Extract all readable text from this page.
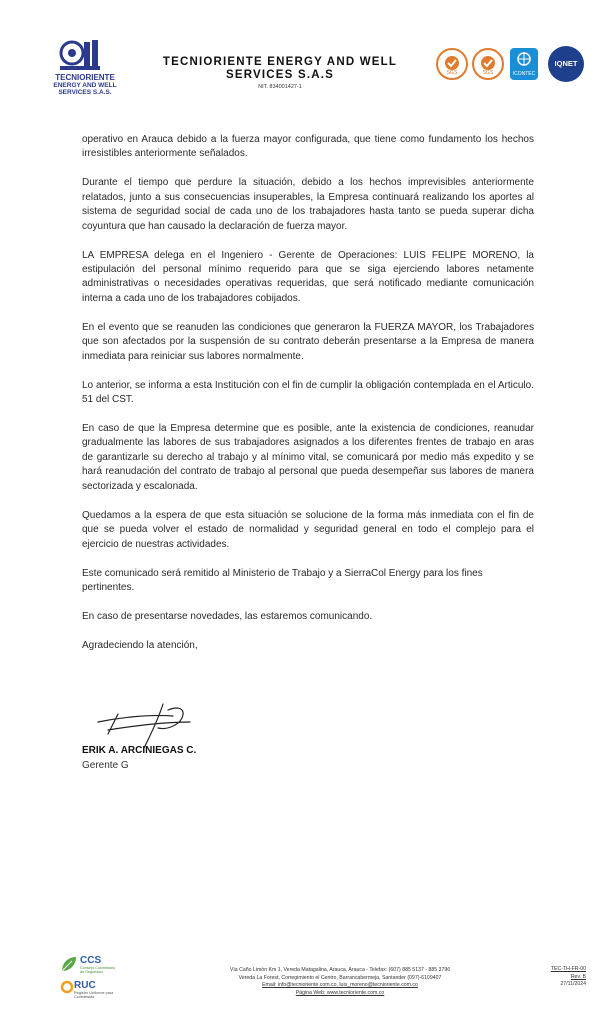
TECNIORIENTE
ENERGY AND WELL
SERVICES S.A.S.
TECNIORIENTE ENERGY AND WELL
SERVICES S.A.S
NIT. 834001427-1
SGS	SGS	ICONTEC
IQNET

operativo en Arauca debido a la fuerza mayor configurada, que tiene como fundamento los hechos irresistibles anteriormente señalados.

Durante el tiempo que perdure la situación, debido a los hechos imprevisibles anteriormente relatados, junto a sus consecuencias insuperables, la Empresa continuará realizando los aportes al sistema de seguridad social de cada uno de los trabajadores hasta tanto se pueda superar dicha coyuntura que han causado la declaración de fuerza mayor.

LA EMPRESA delega en el Ingeniero - Gerente de Operaciones: LUIS FELIPE MORENO, la estipulación del personal mínimo requerido para que se siga ejerciendo labores netamente administrativas o necesidades operativas requeridas, que será notificado mediante comunicación interna a cada uno de los trabajadores cobijados.

En el evento que se reanuden las condiciones que generaron la FUERZA MAYOR, los Trabajadores que son afectados por la suspensión de su contrato deberán presentarse a la Empresa de manera inmediata para reiniciar sus labores normalmente.

Lo anterior, se informa a esta Institución con el fin de cumplir la obligación contemplada en el Articulo. 51 del CST.

En caso de que la Empresa determine que es posible, ante la existencia de condiciones, reanudar gradualmente las labores de sus trabajadores asignados a los diferentes frentes de trabajo en aras de garantizarle su derecho al trabajo y al mínimo vital, se comunicará por medio más expedito y se hará reanudación del contrato de trabajo al personal que pueda desempeñar sus labores de manera sectorizada y escalonada.

Quedamos a la espera de que esta situación se solucione de la forma más inmediata con el fin de que se pueda volver el estado de normalidad y seguridad general en todo el complejo para el ejercicio de nuestras actividades.

Este comunicado será remitido al Ministerio de Trabajo y a SierraCol Energy para los fines pertinentes.

En caso de presentarse novedades, las estaremos comunicando.

Agradeciendo la atención,

ERIK A. ARCINIEGAS C.
Gerente G
CCS
Consejo Colombiano de Seguridad
RUC
Registro Uniforme para Contratistas
Vía Caño Limón Km 1, Vereda Matagalina, Arauca, Arauca - Telefax: (607) 885 5137 - 885 3796
Vereda La Forest, Corregimiento el Centro, Barrancabermeja, Santander (097)-6109407
Email: info@tecnioriente.com.co, luis_moreno@tecnioriente.com.co
Página Web: www.tecnioriente.com.co
TEC-TH-FR-00
Rev. B
27/11/2024
